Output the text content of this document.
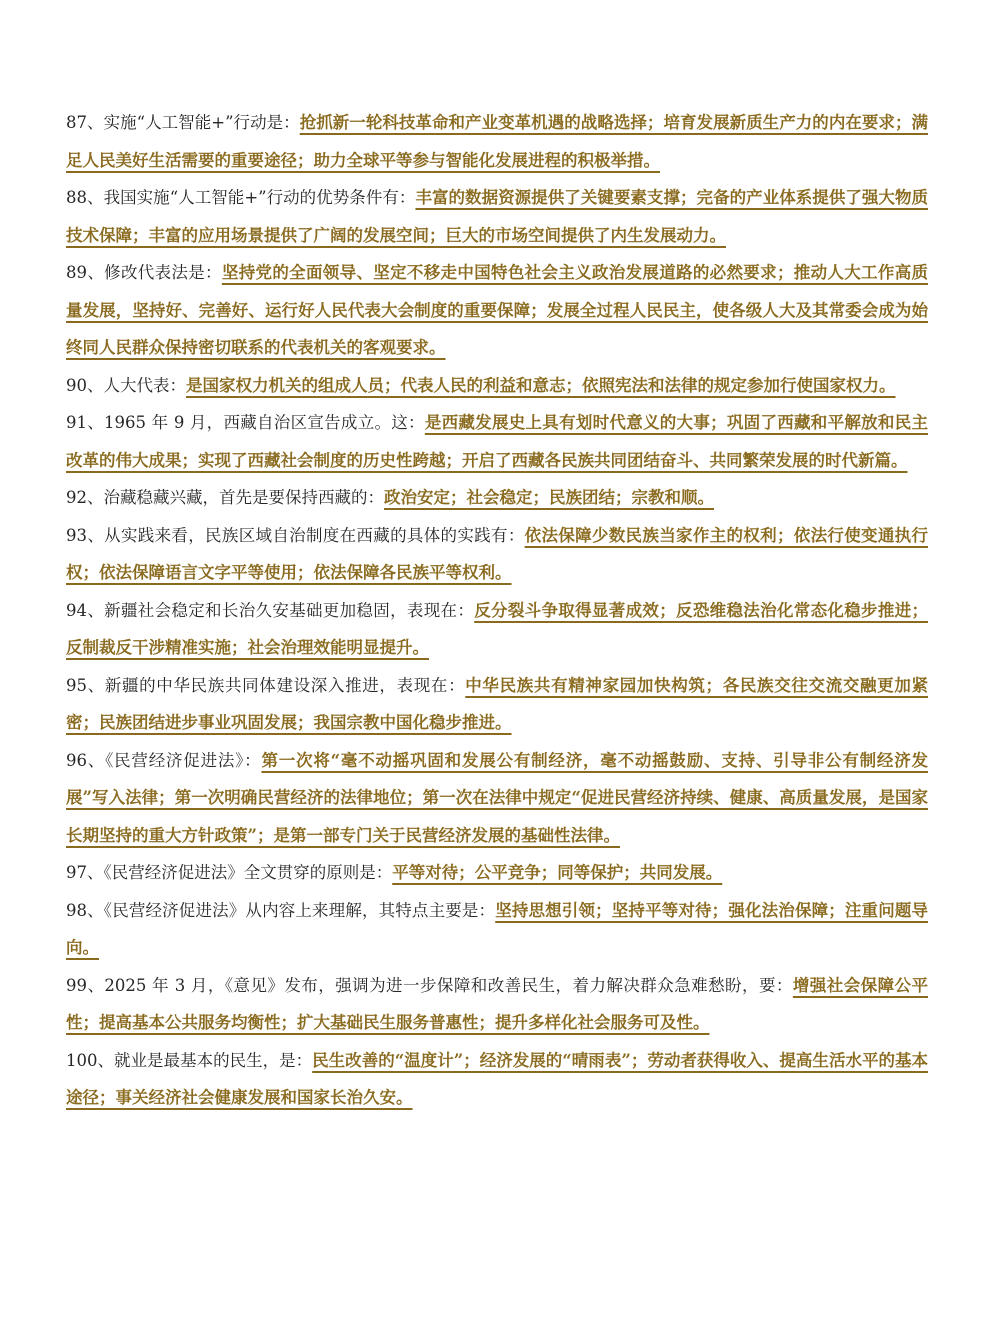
87、实施“人工智能+”行动是：抢抓新一轮科技革命和产业变革机遇的战略选择；培育发展新质生产力的内在要求；满足人民美好生活需要的重要途径；助力全球平等参与智能化发展进程的积极举措。

88、我国实施“人工智能+”行动的优势条件有：丰富的数据资源提供了关键要素支撑；完备的产业体系提供了强大物质技术保障；丰富的应用场景提供了广阔的发展空间；巨大的市场空间提供了内生发展动力。

89、修改代表法是：坚持党的全面领导、坚定不移走中国特色社会主义政治发展道路的必然要求；推动人大工作高质量发展，坚持好、完善好、运行好人民代表大会制度的重要保障；发展全过程人民民主，使各级人大及其常委会成为始终同人民群众保持密切联系的代表机关的客观要求。

90、人大代表：是国家权力机关的组成人员；代表人民的利益和意志；依照宪法和法律的规定参加行使国家权力。

91、1965 年 9 月，西藏自治区宣告成立。这：是西藏发展史上具有划时代意义的大事；巩固了西藏和平解放和民主改革的伟大成果；实现了西藏社会制度的历史性跨越；开启了西藏各民族共同团结奋斗、共同繁荣发展的时代新篇。

92、治藏稳藏兴藏，首先是要保持西藏的：政治安定；社会稳定；民族团结；宗教和顺。

93、从实践来看，民族区域自治制度在西藏的具体的实践有：依法保障少数民族当家作主的权利；依法行使变通执行权；依法保障语言文字平等使用；依法保障各民族平等权利。

94、新疆社会稳定和长治久安基础更加稳固，表现在：反分裂斗争取得显著成效；反恐维稳法治化常态化稳步推进；反制裁反干涉精准实施；社会治理效能明显提升。

95、新疆的中华民族共同体建设深入推进，表现在：中华民族共有精神家园加快构筑；各民族交往交流交融更加紧密；民族团结进步事业巩固发展；我国宗教中国化稳步推进。

96、《民营经济促进法》：第一次将“毫不动摇巩固和发展公有制经济，毫不动摇鼓励、支持、引导非公有制经济发展”写入法律；第一次明确民营经济的法律地位；第一次在法律中规定“促进民营经济持续、健康、高质量发展，是国家长期坚持的重大方针政策”；是第一部专门关于民营经济发展的基础性法律。

97、《民营经济促进法》全文贯穿的原则是：平等对待；公平竞争；同等保护；共同发展。

98、《民营经济促进法》从内容上来理解，其特点主要是：坚持思想引领；坚持平等对待；强化法治保障；注重问题导向。

99、2025 年 3 月，《意见》发布，强调为进一步保障和改善民生，着力解决群众急难愁盼，要：增强社会保障公平性；提高基本公共服务均衡性；扩大基础民生服务普惠性；提升多样化社会服务可及性。

100、就业是最基本的民生，是：民生改善的“温度计”；经济发展的“晴雨表”；劳动者获得收入、提高生活水平的基本途径；事关经济社会健康发展和国家长治久安。
